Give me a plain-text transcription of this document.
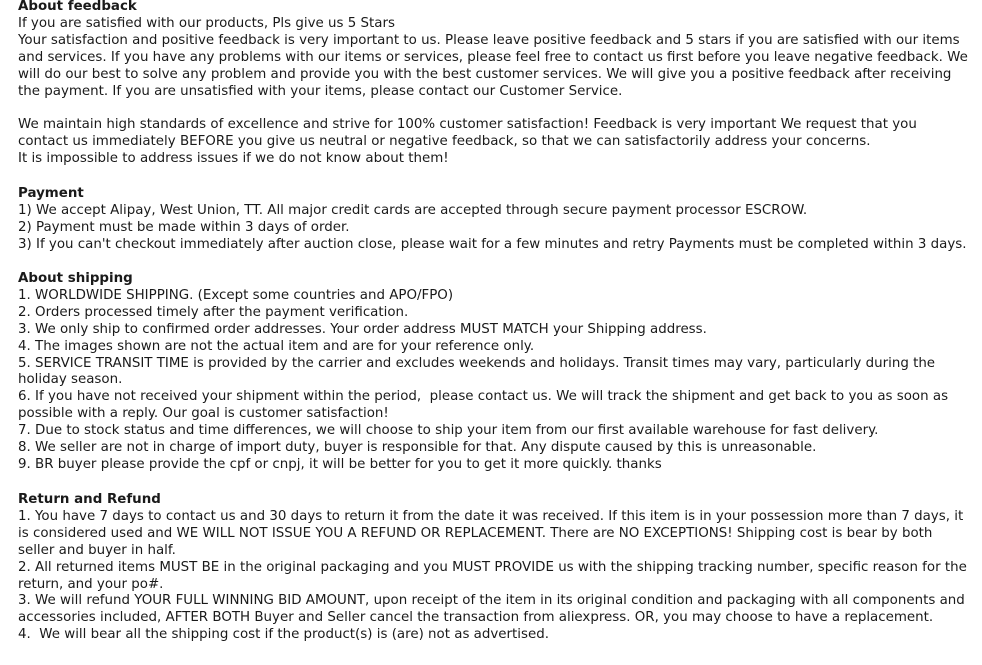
About feedback

If you are satisfied with our products, Pls give us 5 Stars

Your satisfaction and positive feedback is very important to us. Please leave positive feedback and 5 stars if you are satisfied with our items and services. If you have any problems with our items or services, please feel free to contact us first before you leave negative feedback. We will do our best to solve any problem and provide you with the best customer services. We will give you a positive feedback after receiving the payment. If you are unsatisfied with your items, please contact our Customer Service.

We maintain high standards of excellence and strive for 100% customer satisfaction! Feedback is very important We request that you contact us immediately BEFORE you give us neutral or negative feedback, so that we can satisfactorily address your concerns.

It is impossible to address issues if we do not know about them!

Payment

1) We accept Alipay, West Union, TT. All major credit cards are accepted through secure payment processor ESCROW.

2) Payment must be made within 3 days of order.

3) If you can't checkout immediately after auction close, please wait for a few minutes and retry Payments must be completed within 3 days.

About shipping

1. WORLDWIDE SHIPPING. (Except some countries and APO/FPO)

2. Orders processed timely after the payment verification.

3. We only ship to confirmed order addresses. Your order address MUST MATCH your Shipping address.

4. The images shown are not the actual item and are for your reference only.

5. SERVICE TRANSIT TIME is provided by the carrier and excludes weekends and holidays. Transit times may vary, particularly during the holiday season.

6. If you have not received your shipment within the period,  please contact us. We will track the shipment and get back to you as soon as possible with a reply. Our goal is customer satisfaction!

7. Due to stock status and time differences, we will choose to ship your item from our first available warehouse for fast delivery.

8. We seller are not in charge of import duty, buyer is responsible for that. Any dispute caused by this is unreasonable.

9. BR buyer please provide the cpf or cnpj, it will be better for you to get it more quickly. thanks

Return and Refund

1. You have 7 days to contact us and 30 days to return it from the date it was received. If this item is in your possession more than 7 days, it is considered used and WE WILL NOT ISSUE YOU A REFUND OR REPLACEMENT. There are NO EXCEPTIONS! Shipping cost is bear by both seller and buyer in half.

2. All returned items MUST BE in the original packaging and you MUST PROVIDE us with the shipping tracking number, specific reason for the return, and your po#.

3. We will refund YOUR FULL WINNING BID AMOUNT, upon receipt of the item in its original condition and packaging with all components and accessories included, AFTER BOTH Buyer and Seller cancel the transaction from aliexpress. OR, you may choose to have a replacement.

4.  We will bear all the shipping cost if the product(s) is (are) not as advertised.
